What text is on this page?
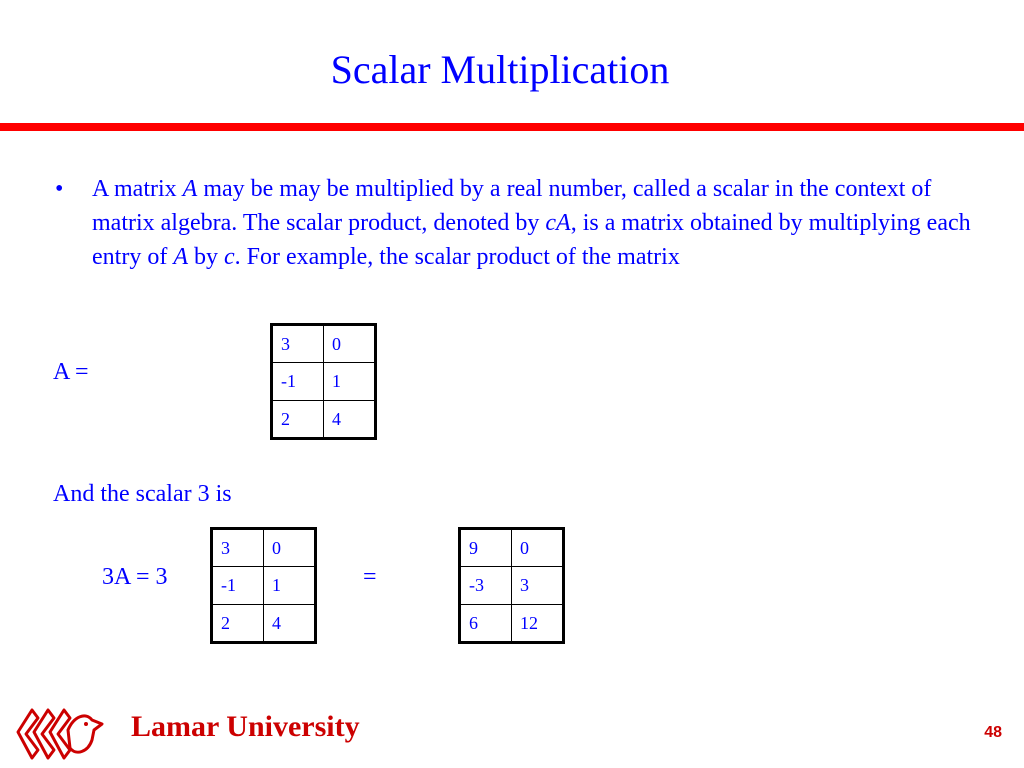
Scalar Multiplication
• A matrix A may be may be multiplied by a real number, called a scalar in the context of matrix algebra. The scalar product, denoted by cA, is a matrix obtained by multiplying each entry of A by c. For example, the scalar product of the matrix
A =
3	0
-1	1
2	4
And the scalar 3 is
3A = 3
3	0
-1	1
2	4
=
9	0
-3	3
6	12
Lamar University	48
